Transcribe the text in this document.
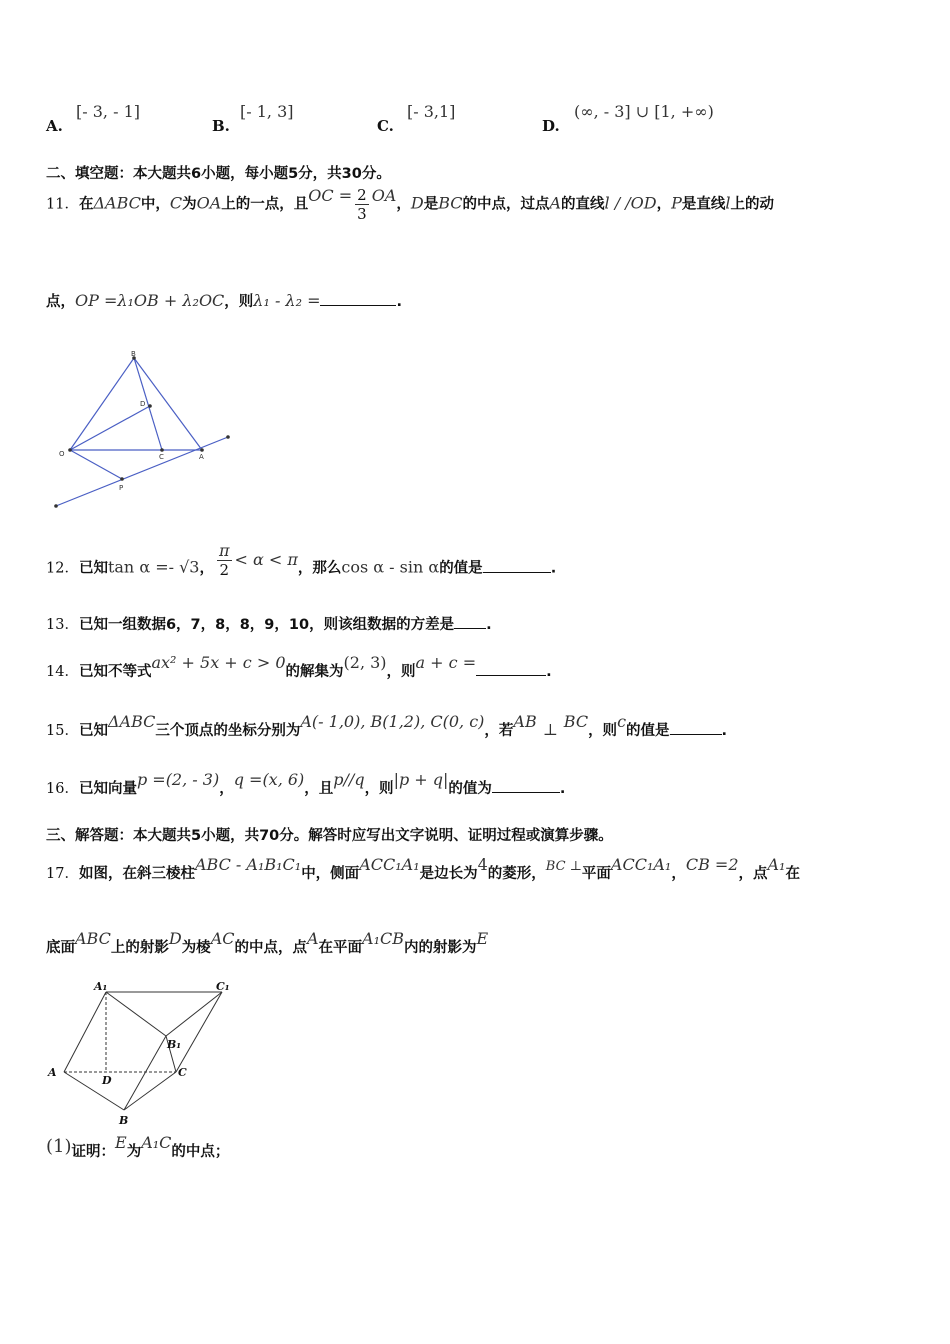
A.
[- 3, - 1]
B.
[- 1, 3]
C.
[- 3,1]
D.
(∞, - 3] ∪ [1, +∞)
二、填空题：本大题共6小题，每小题5分，共30分。
11．在ΔABC中，C为OA上的一点，且OC = $\frac{2}{3}$ OA，D是BC的中点，过点A的直线l / /OD，P是直线l上的动
点，OP =λ₁OB + λ₂OC，则λ₁ - λ₂ =	.
B
D
O	C	A
P
12．已知tan α =- √3， $\frac{\pi}{2} < \alpha < \pi$，那么cos α - sin α的值是	.
13．已知一组数据6，7，8，8，9，10，则该组数据的方差是 .
14．已知不等式ax² + 5x + c > 0的解集为(2, 3)，则a + c =	.
15．已知ΔABC三个顶点的坐标分别为A(- 1,0), B(1,2), C(0, c)，若AB ⊥ BC，则c的值是	.
16．已知向量p =(2, - 3)，q =(x, 6)，且p//q，则|p + q|的值为	.
三、解答题：本大题共5小题，共70分。解答时应写出文字说明、证明过程或演算步骤。
17．如图，在斜三棱柱ABC - A₁B₁C₁中，侧面ACC₁A₁是边长为4的菱形，BC ⊥平面ACC₁A₁，CB =2，点A₁在
底面ABC上的射影D为棱AC的中点，点A在平面A₁CB内的射影为E
A₁	C₁
B₁
A
D
C
B
(1)证明：E为A₁C的中点；
